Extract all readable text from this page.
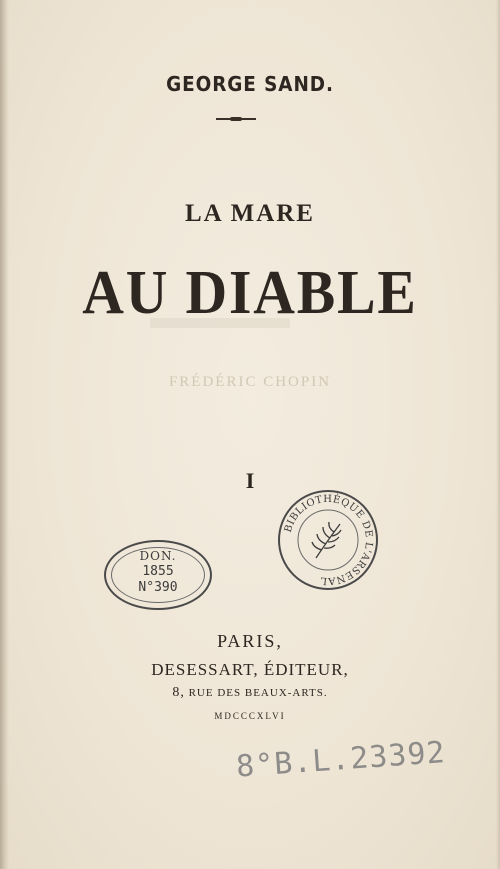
GEORGE SAND.
LA MARE
AU DIABLE
FRÉDÉRIC CHOPIN
I
DON.
1855
N°390
BIBLIOTHÈQUE DE L'ARSENAL
PARIS,
DESESSART, ÉDITEUR,
8, RUE DES BEAUX-ARTS.
MDCCCXLVI
8°B.L.23392
